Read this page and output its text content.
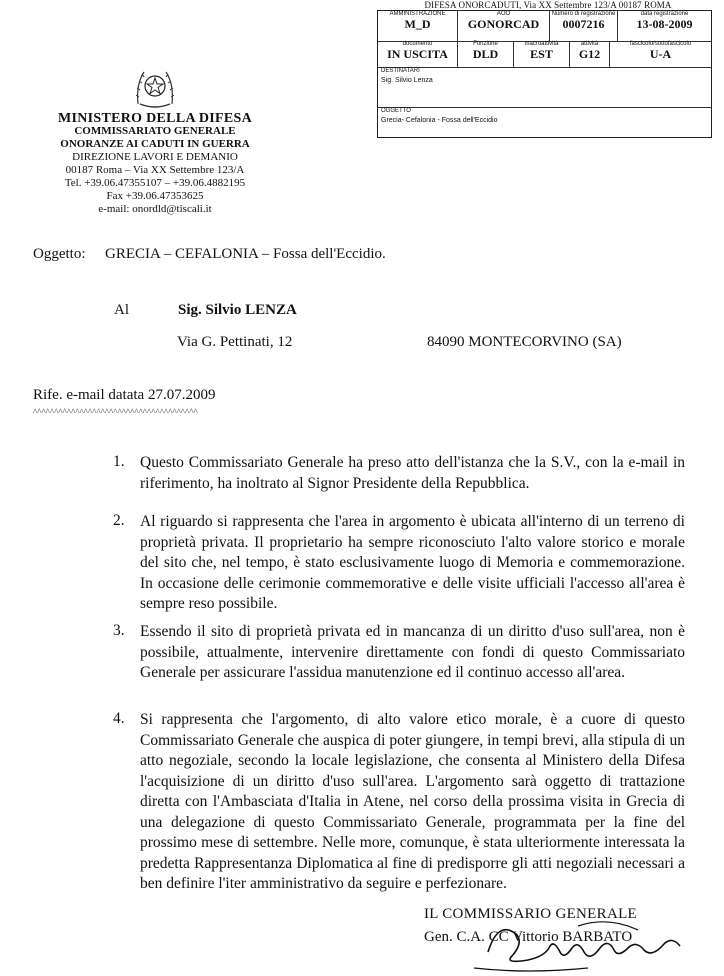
DIFESA ONORCADUTI, Via XX Settembre 123/A 00187 ROMA
AMMINISTRAZIONE
M_D
AOO
GONORCAD
Numero di registrazione
0007216
data registrazione
13-08-2009
documento
IN USCITA
Funzione
DLD
macroattività
EST
attività
G12
fascicolo/sottofascicolo
U-A
DESTINATARI
Sig. Silvio Lenza
OGGETTO
Grecia- Cefalonia - Fossa dell'Eccidio
MINISTERO DELLA DIFESA
COMMISSARIATO GENERALE
ONORANZE AI CADUTI IN GUERRA
DIREZIONE LAVORI E DEMANIO
00187 Roma – Via XX Settembre 123/A
Tel. +39.06.47355107 – +39.06.4882195
Fax +39.06.47353625
e-mail: onordld@tiscali.it
Oggetto: GRECIA – CEFALONIA – Fossa dell'Eccidio.
Al	Sig. Silvio LENZA
Via G. Pettinati, 12	84090 MONTECORVINO (SA)
Rife. e-mail datata 27.07.2009
^^^^^^^^^^^^^^^^^^^^^^^^^^^^^^^^^^^^^^^
1. Questo Commissariato Generale ha preso atto dell'istanza che la S.V., con la e-mail in riferimento, ha inoltrato al Signor Presidente della Repubblica.
2. Al riguardo si rappresenta che l'area in argomento è ubicata all'interno di un terreno di proprietà privata. Il proprietario ha sempre riconosciuto l'alto valore storico e morale del sito che, nel tempo, è stato esclusivamente luogo di Memoria e commemorazione. In occasione delle cerimonie commemorative e delle visite ufficiali l'accesso all'area è sempre reso possibile.
3. Essendo il sito di proprietà privata ed in mancanza di un diritto d'uso sull'area, non è possibile, attualmente, intervenire direttamente con fondi di questo Commissariato Generale per assicurare l'assidua manutenzione ed il continuo accesso all'area.
4. Si rappresenta che l'argomento, di alto valore etico morale, è a cuore di questo Commissariato Generale che auspica di poter giungere, in tempi brevi, alla stipula di un atto negoziale, secondo la locale legislazione, che consenta al Ministero della Difesa l'acquisizione di un diritto d'uso sull'area. L'argomento sarà oggetto di trattazione diretta con l'Ambasciata d'Italia in Atene, nel corso della prossima visita in Grecia di una delegazione di questo Commissariato Generale, programmata per la fine del prossimo mese di settembre. Nelle more, comunque, è stata ulteriormente interessata la predetta Rappresentanza Diplomatica al fine di predisporre gli atti negoziali necessari a ben definire l'iter amministrativo da seguire e perfezionare.
IL COMMISSARIO GENERALE
Gen. C.A. CC Vittorio BARBATO
